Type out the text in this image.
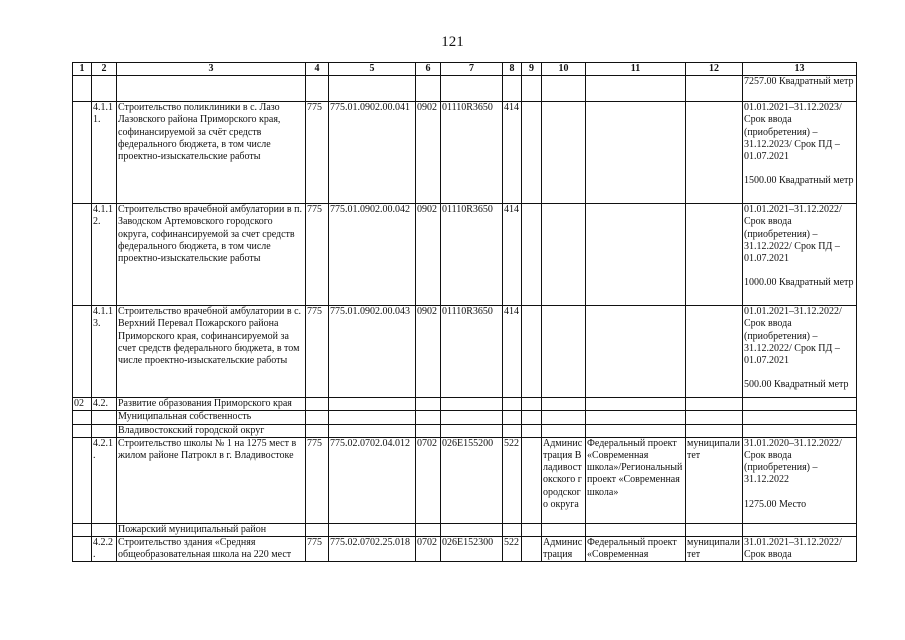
121
1	2	3	4	5	6	7	8	9	10	11	12	13
												7257.00 Квадратный метр
	4.1.1 1.	Строительство поликлиники в с. Лазо Лазовского района Приморского края, софинансируемой за счёт средств федерального бюджета, в том числе проектно-изыскательские работы	775	775.01.0902.00.041	0902	01110R3650	414					01.01.2021–31.12.2023/ Срок ввода (приобретения) – 31.12.2023/ Срок ПД – 01.07.2021
1500.00 Квадратный метр
	4.1.1 2.	Строительство врачебной амбулатории в п. Заводском Артемовского городского округа, софинансируемой за счет средств федерального бюджета, в том числе проектно-изыскательские работы	775	775.01.0902.00.042	0902	01110R3650	414					01.01.2021–31.12.2022/ Срок ввода (приобретения) – 31.12.2022/ Срок ПД – 01.07.2021
1000.00 Квадратный метр
	4.1.1 3.	Строительство врачебной амбулатории в с. Верхний Перевал Пожарского района Приморского края, софинансируемой за счет средств федерального бюджета, в том числе проектно-изыскательские работы	775	775.01.0902.00.043	0902	01110R3650	414					01.01.2021–31.12.2022/ Срок ввода (приобретения) – 31.12.2022/ Срок ПД – 01.07.2021
500.00 Квадратный метр
02	4.2.	Развитие образования Приморского края										
		Муниципальная собственность										
		Владивостокский городской округ										
	4.2.1.	Строительство школы № 1 на 1275 мест в жилом районе Патрокл в г. Владивостоке	775	775.02.0702.04.012	0702	026E155200	522		Администрация Владивостокского городского округа	Федеральный проект «Современная школа»/Региональный проект «Современная школа»	муниципалитет	31.01.2020–31.12.2022/ Срок ввода (приобретения) – 31.12.2022
1275.00 Место
		Пожарский муниципальный район										
	4.2.2.	Строительство здания «Средняя общеобразовательная школа на 220 мест	775	775.02.0702.25.018	0702	026E152300	522		Администрация	Федеральный проект «Современная	муниципалитет	31.01.2021–31.12.2022/ Срок ввода
